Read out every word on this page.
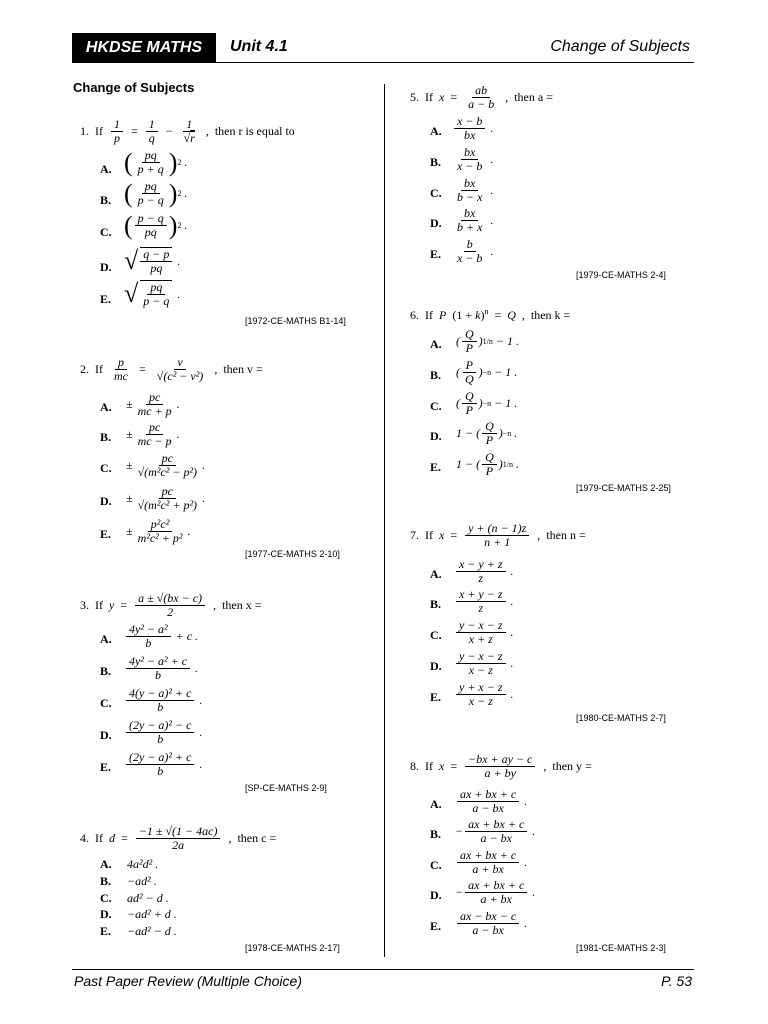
HKDSE MATHS	Unit 4.1	Change of Subjects
Change of Subjects
1. If $\frac{1}{p} = \frac{1}{q} - \frac{1}{√r}$ , then r is equal to
A. ( $\frac{pq}{p + q}$ ) 2 .
B. ( $\frac{pq}{p - q}$ ) 2 .
C. ( $\frac{p - q}{pq}$ ) 2 .
D. √ $\frac{q - p}{pq}$ .
E. √ $\frac{pq}{p - q}$ .
[1972-CE-MATHS B1-14]
2. If $\frac{p}{mc} = \frac{v}{\text{√(c² − v²)}}$ , then v =
A. ± $\frac{pc}{mc + p}$ .
B. ± $\frac{pc}{mc - p}$ .
C. ± $\frac{pc}{\text{√(m²c² − p²)}}$ .
D. ± $\frac{pc}{\text{√(m²c² + p²)}}$ .
E. ± $\frac{\text{p²c²}}{\text{m²c² + p²}}$ .
[1977-CE-MATHS 2-10]
3. If $y = \frac{a \pm √(bx - c)}{2}$ , then x =
A. $\frac{\text{4y² − a²}}{b} + c$ .
B. $\frac{\text{4y² − a² + c}}{b}$ .
C. $\frac{\text{4(y − a)² + c}}{b}$ .
D. $\frac{\text{(2y − a)² − c}}{b}$ .
E. $\frac{\text{(2y − a)² + c}}{b}$ .
[SP-CE-MATHS 2-9]
4. If $d = \frac{-1 \pm √(1 - 4ac)}{2a}$ , then c =
A. 4a²d² .
B. −ad² .
C. ad² − d .
D. −ad² + d .
E. −ad² − d .
[1978-CE-MATHS 2-17]
5. If $x = \frac{ab}{a - b}$ , then a =
A. $\frac{x - b}{bx}$ .
B. $\frac{bx}{x - b}$ .
C. $\frac{bx}{b - x}$ .
D. $\frac{bx}{b + x}$ .
E. $\frac{b}{x - b}$ .
[1979-CE-MATHS 2-4]
6. If P $(1 + k)^n = Q$ , then k =
A. ( $\frac{Q}{P}$ ) 1/n − 1 .
B. ( $\frac{P}{Q}$ ) −n − 1 .
C. ( $\frac{Q}{P}$ ) −n − 1 .
D. 1 − ( $\frac{Q}{P}$ ) −n .
E. 1 − ( $\frac{Q}{P}$ ) 1/n .
[1979-CE-MATHS 2-25]
7. If $x = \frac{y + (n - 1)z}{n + 1}$ , then n =
A. $\frac{x - y + z}{z}$ .
B. $\frac{x + y - z}{z}$ .
C. $\frac{y - x - z}{x + z}$ .
D. $\frac{y - x - z}{x - z}$ .
E. $\frac{y + x - z}{x - z}$ .
[1980-CE-MATHS 2-7]
8. If $x = \frac{-bx + ay - c}{a + by}$ , then y =
A. $\frac{ax + bx + c}{a - bx}$ .
B. − $\frac{ax + bx + c}{a - bx}$ .
C. $\frac{ax + bx + c}{a + bx}$ .
D. − $\frac{ax + bx + c}{a + bx}$ .
E. $\frac{ax - bx - c}{a - bx}$ .
[1981-CE-MATHS 2-3]
Past Paper Review (Multiple Choice)	P. 53
